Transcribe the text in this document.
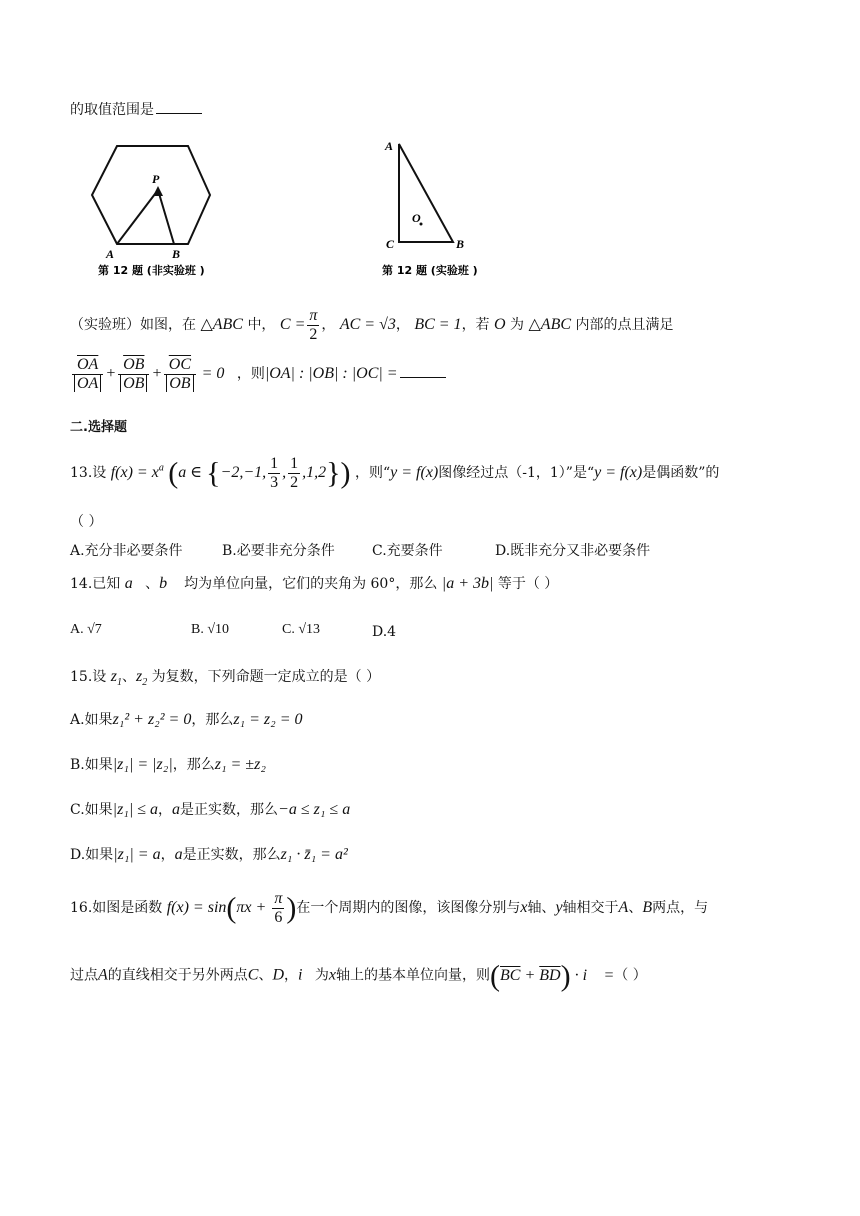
的取值范围是
P
A	B
第 12 题 (非实验班 )
A
O
C	B
第 12 题 (实验班 )
（实验班）如图，在 △ABC 中， $C = \frac{\pi}{2}$ ， AC = √3， BC = 1，若 O 为 △ABC 内部的点且满足
$\frac{\overline{OA}}{OA} + \frac{\overline{OB}}{OB} + \frac{\overline{OC}}{OB}$ = 0⃗，则|OA| : |OB| : |OC| =
二.选择题
13.设 $f(x) = x^a$ (a ∈ {−2,−1, $\frac{1}{3}$ , $\frac{1}{2} ,1,2$}) ，则“y = f(x)图像经过点（-1，1）”是“y = f(x)是偶函数”的
（ ）
A.充分非必要条件	B.必要非充分条件	C.充要条件	D.既非充分又非必要条件
14.已知 a⃗、b⃗ 均为单位向量，它们的夹角为 60°，那么 |a + 3b| 等于（ ）
A. √7	B. √10	C. √13	D.4
15.设 $z_1$、$z_2$ 为复数，下列命题一定成立的是（ ）
A.如果z₁² + z₂² = 0，那么z₁ = z₂ = 0
B.如果|z₁| = |z₂|，那么z₁ = ±z₂
C.如果|z₁| ≤ a，a是正实数，那么−a ≤ z₁ ≤ a
D.如果|z₁| = a，a是正实数，那么z₁ · z̄₁ = a²
16.如图是函数 $f(x) = \sin(\pi x + \frac{\pi}{6}$ )在一个周期内的图像，该图像分别与x轴、y轴相交于A、B两点，与
过点A的直线相交于另外两点C、D，i⃗为x轴上的基本单位向量，则$(\overline{BC} + \overline{BD})$ · i⃗ =（ ）
